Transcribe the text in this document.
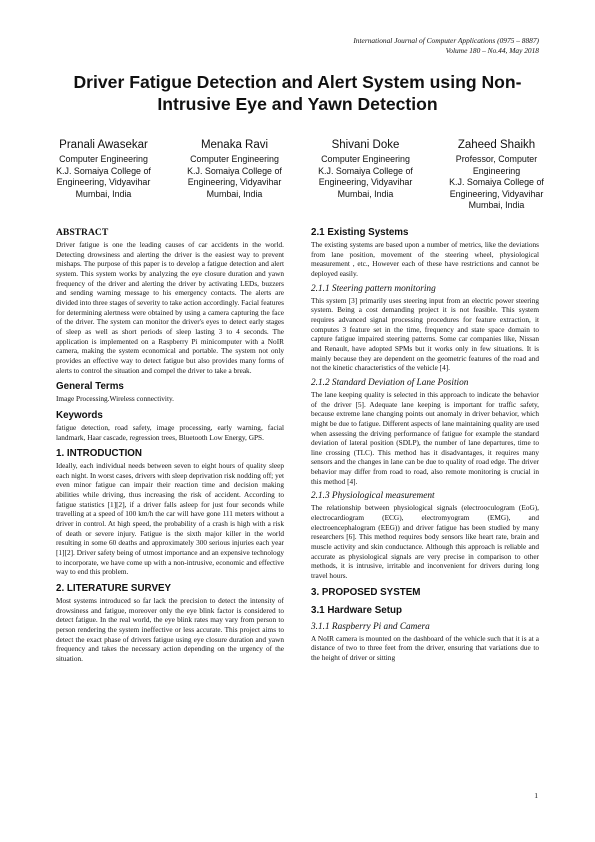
International Journal of Computer Applications (0975 – 8887)
Volume 180 – No.44, May 2018
Driver Fatigue Detection and Alert System using Non-Intrusive Eye and Yawn Detection
Pranali Awasekar
Computer Engineering
K.J. Somaiya College of
Engineering, Vidyavihar
Mumbai, India
Menaka Ravi
Computer Engineering
K.J. Somaiya College of
Engineering, Vidyavihar
Mumbai, India
Shivani Doke
Computer Engineering
K.J. Somaiya College of
Engineering, Vidyavihar
Mumbai, India
Zaheed Shaikh
Professor, Computer Engineering
K.J. Somaiya College of
Engineering, Vidyavihar
Mumbai, India
ABSTRACT

Driver fatigue is one the leading causes of car accidents in the world. Detecting drowsiness and alerting the driver is the easiest way to prevent mishaps. The purpose of this paper is to develop a fatigue detection and alert system. This system works by analyzing the eye closure duration and yawn frequency of the driver and alerting the driver by activating LEDs, buzzers and sending warning message to his emergency contacts. The alerts are divided into three stages of severity to take action accordingly. Facial features for determining alertness were obtained by using a camera capturing the face of the driver. The system can monitor the driver's eyes to detect early stages of sleep as well as short periods of sleep lasting 3 to 4 seconds. The application is implemented on a Raspberry Pi minicomputer with a NoIR camera, making the system economical and portable. The system not only provides an effective way to detect fatigue but also provides many forms of alerts to control the situation and compel the driver to take a break.

General Terms

Image Processing.Wireless connectivity.

Keywords

fatigue detection, road safety, image processing, early warning, facial landmark, Haar cascade, regression trees, Bluetooth Low Energy, GPS.

1. INTRODUCTION

Ideally, each individual needs between seven to eight hours of quality sleep each night. In worst cases, drivers with sleep deprivation risk nodding off; yet even minor fatigue can impair their reaction time and decision making abilities while driving, thus increasing the risk of accident. According to fatigue statistics [1][2], if a driver falls asleep for just four seconds while travelling at a speed of 100 km/h the car will have gone 111 meters without a driver in control. At high speed, the probability of a crash is high with a risk of death or severe injury. Fatigue is the sixth major killer in the world resulting in some 60 deaths and approximately 300 serious injuries each year [1][2]. Driver safety being of utmost importance and an expensive technology to incorporate, we have come up with a non-intrusive, economic and effective way to end this problem.

2. LITERATURE SURVEY

Most systems introduced so far lack the precision to detect the intensity of drowsiness and fatigue, moreover only the eye blink factor is considered to detect fatigue. In the real world, the eye blink rates may vary from person to person rendering the system ineffective or less accurate. This project aims to detect the exact phase of drivers fatigue using eye closure duration and yawn frequency and takes the necessary action depending on the urgency of the situation.

2.1 Existing Systems

The existing systems are based upon a number of metrics, like the deviations from lane position, movement of the steering wheel, physiological measurement , etc., However each of these have restrictions and cannot be deployed easily.

2.1.1 Steering pattern monitoring

This system [3] primarily uses steering input from an electric power steering system. Being a cost demanding project it is not feasible. This system requires advanced signal processing procedures for feature extraction, it computes 3 feature set in the time, frequency and state space domain to capture fatigue impaired steering patterns. Some car companies like, Nissan and Renault, have adopted SPMs but it works only in few situations. It is mainly because they are dependent on the geometric features of the road and not the kinetic characteristics of the vehicle [4].

2.1.2 Standard Deviation of Lane Position

The lane keeping quality is selected in this approach to indicate the behavior of the driver [5]. Adequate lane keeping is important for traffic safety, because extreme lane changing points out anomaly in driver behavior, which might be due to fatigue. Different aspects of lane maintaining quality are used when assessing the driving performance of fatigue for example the standard deviation of lateral position (SDLP), the number of lane departures, time to line crossing (TLC). This method has it disadvantages, it requires many sensors and the changes in lane can be due to quality of road edge. The driver behavior may differ from road to road, also remote monitoring is crucial in this method [4].

2.1.3 Physiological measurement

The relationship between physiological signals (electrooculogram (EoG), electrocardiogram (ECG), electromyogram (EMG), and electroencephalogram (EEG)) and driver fatigue has been studied by many researchers [6]. This method requires body sensors like heart rate, brain and muscle activity and skin conductance. Although this approach is reliable and accurate as physiological signals are very precise in comparison to other methods, it is intrusive, irritable and inconvenient for drivers during long travel hours.

3. PROPOSED SYSTEM
3.1 Hardware Setup
3.1.1 Raspberry Pi and Camera

A NoIR camera is mounted on the dashboard of the vehicle such that it is at a distance of two to three feet from the driver, ensuring that variations due to the height of driver or sitting

1
